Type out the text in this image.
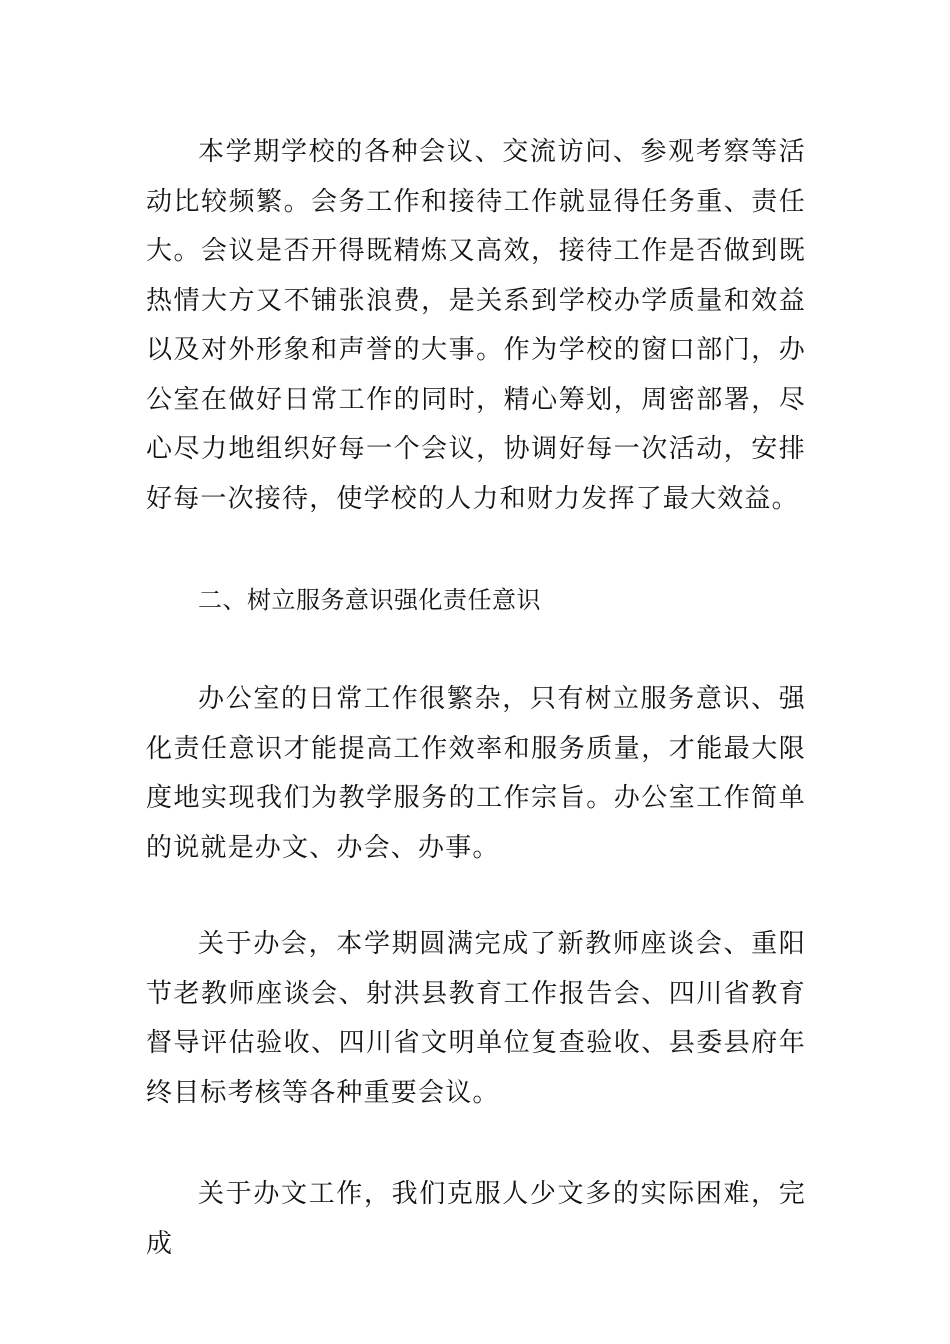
本学期学校的各种会议、交流访问、参观考察等活动比较频繁。会务工作和接待工作就显得任务重、责任大。会议是否开得既精炼又高效，接待工作是否做到既热情大方又不铺张浪费，是关系到学校办学质量和效益以及对外形象和声誉的大事。作为学校的窗口部门，办公室在做好日常工作的同时，精心筹划，周密部署，尽心尽力地组织好每一个会议，协调好每一次活动，安排好每一次接待，使学校的人力和财力发挥了最大效益。

二、树立服务意识强化责任意识

办公室的日常工作很繁杂，只有树立服务意识、强化责任意识才能提高工作效率和服务质量，才能最大限度地实现我们为教学服务的工作宗旨。办公室工作简单的说就是办文、办会、办事。

关于办会，本学期圆满完成了新教师座谈会、重阳节老教师座谈会、射洪县教育工作报告会、四川省教育督导评估验收、四川省文明单位复查验收、县委县府年终目标考核等各种重要会议。

关于办文工作，我们克服人少文多的实际困难，完成
